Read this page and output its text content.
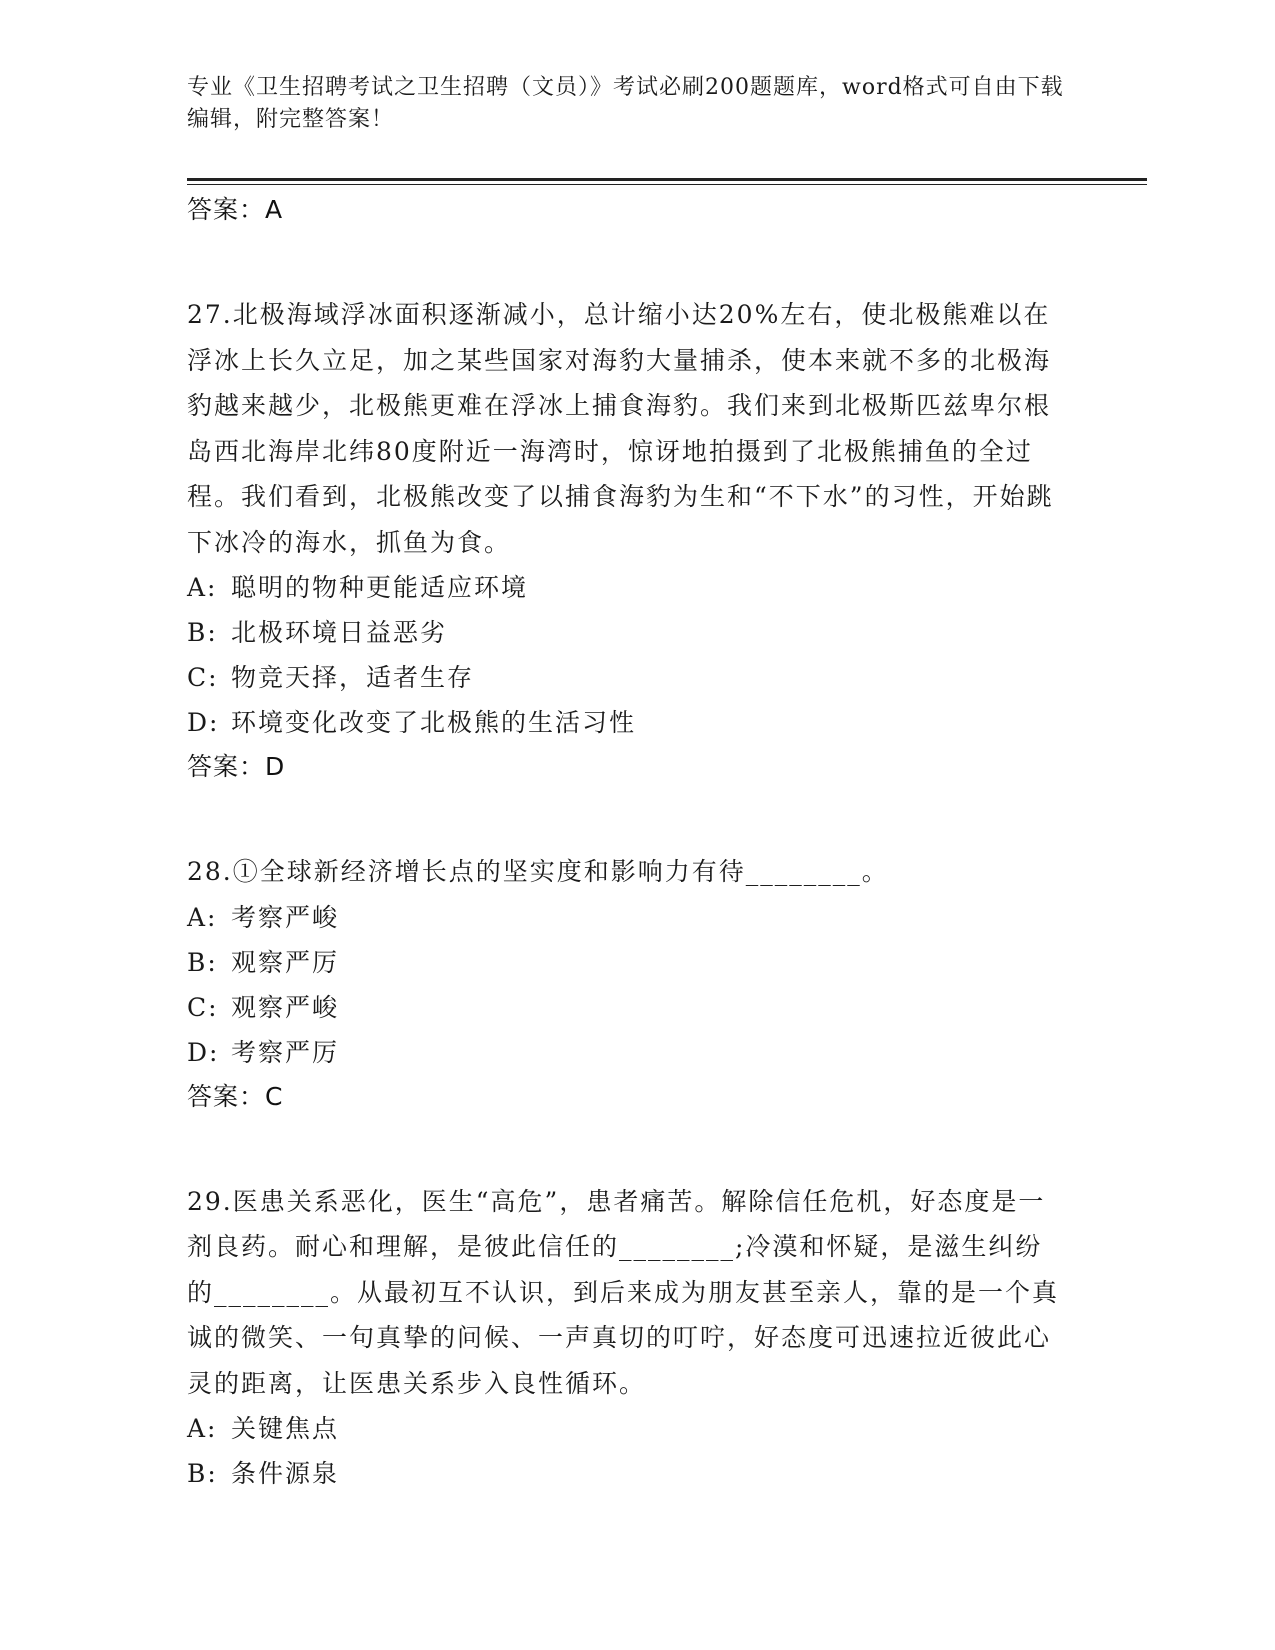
专业《卫生招聘考试之卫生招聘（文员）》考试必刷200题题库，word格式可自由下载编辑，附完整答案！
答案：A

27.北极海域浮冰面积逐渐减小，总计缩小达20%左右，使北极熊难以在浮冰上长久立足，加之某些国家对海豹大量捕杀，使本来就不多的北极海豹越来越少，北极熊更难在浮冰上捕食海豹。我们来到北极斯匹兹卑尔根岛西北海岸北纬80度附近一海湾时，惊讶地拍摄到了北极熊捕鱼的全过程。我们看到，北极熊改变了以捕食海豹为生和“不下水”的习性，开始跳下冰冷的海水，抓鱼为食。

A: 聪明的物种更能适应环境
B: 北极环境日益恶劣
C: 物竞天择，适者生存
D: 环境变化改变了北极熊的生活习性
答案：D

28.①全球新经济增长点的坚实度和影响力有待________。

A: 考察严峻
B: 观察严厉
C: 观察严峻
D: 考察严厉
答案：C

29.医患关系恶化，医生“高危”，患者痛苦。解除信任危机，好态度是一剂良药。耐心和理解，是彼此信任的________;冷漠和怀疑，是滋生纠纷的________。从最初互不认识，到后来成为朋友甚至亲人，靠的是一个真诚的微笑、一句真挚的问候、一声真切的叮咛，好态度可迅速拉近彼此心灵的距离，让医患关系步入良性循环。

A: 关键焦点
B: 条件源泉
